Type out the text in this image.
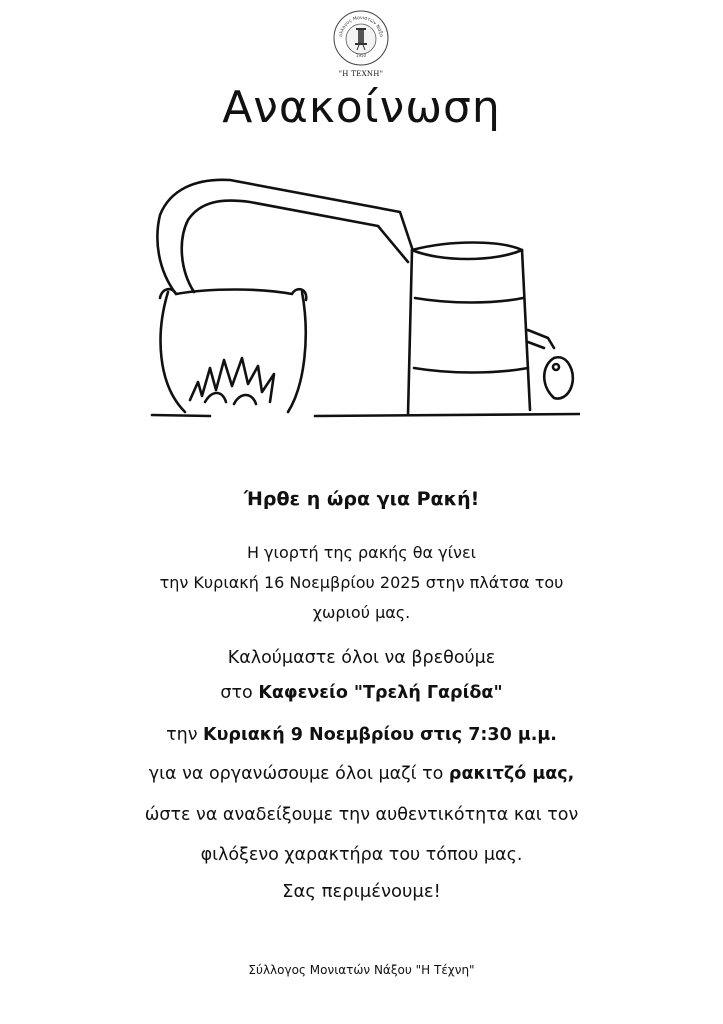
ύλλογος Μονιατών Νάξο
1950
"Η ΤΕΧΝΗ"
Ανακοίνωση
Ήρθε η ώρα για Ρακή!
Η γιορτή της ρακής θα γίνει
την Κυριακή 16 Νοεμβρίου 2025 στην πλάτσα του
χωριού μας.
Καλούμαστε όλοι να βρεθούμε
στο Καφενείο "Τρελή Γαρίδα"
την Κυριακή 9 Νοεμβρίου στις 7:30 μ.μ.
για να οργανώσουμε όλοι μαζί το ρακιτζό μας,
ώστε να αναδείξουμε την αυθεντικότητα και τον
φιλόξενο χαρακτήρα του τόπου μας.
Σας περιμένουμε!
Σύλλογος Μονιατών Νάξου "Η Τέχνη"
